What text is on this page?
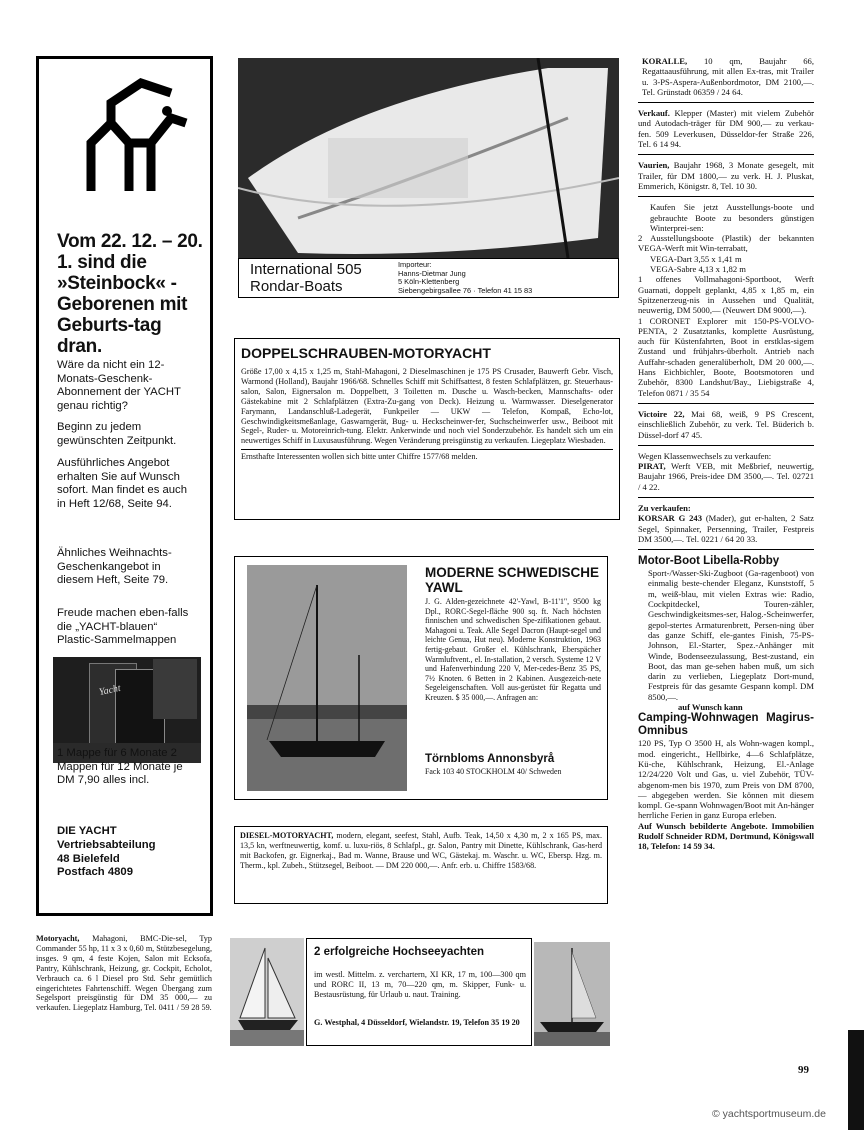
Vom 22. 12. – 20. 1. sind die »Steinbock« - Geborenen mit Geburts-tag dran.
Wäre da nicht ein 12-Monats-Geschenk-Abonnement der YACHT genau richtig?
Beginn zu jedem gewünschten Zeitpunkt.
Ausführliches Angebot erhalten Sie auf Wunsch sofort. Man findet es auch in Heft 12/68, Seite 94.
Ähnliches Weihnachts-Geschenkangebot in diesem Heft, Seite 79.
Freude machen eben-falls die „YACHT-blauen“ Plastic-Sammelmappen
Yacht
1 Mappe für 6 Monate 2 Mappen für 12 Monate je DM 7,90 alles incl.
DIE YACHT
Vertriebsabteilung
48 Bielefeld
Postfach 4809
International 505
Rondar-Boats
Importeur:
Hanns-Dietmar Jung
5 Köln-Klettenberg
Siebengebirgsallee 76 · Telefon 41 15 83
DOPPELSCHRAUBEN-MOTORYACHT
Größe 17,00 x 4,15 x 1,25 m, Stahl-Mahagoni, 2 Dieselmaschinen je 175 PS Crusader, Bauwerft Gebr. Visch, Warmond (Holland), Baujahr 1966/68. Schnelles Schiff mit Schiffsattest, 8 festen Schlafplätzen, gr. Steuerhaus-salon, Salon, Eignersalon m. Doppelbett, 3 Toiletten m. Dusche u. Wasch-becken, Mannschafts- oder Gästekabine mit 2 Schlafplätzen (Extra-Zu-gang von Deck). Heizung u. Warmwasser. Dieselgenerator Farymann, Landanschluß-Ladegerät, Funkpeiler — UKW — Telefon, Kompaß, Echo-lot, Geschwindigkeitsmeßanlage, Gaswarngerät, Bug- u. Heckscheinwer-fer, Suchscheinwerfer usw., Beiboot mit Segel-, Ruder- u. Motoreinrich-tung. Elektr. Ankerwinde und noch viel Sonderzubehör. Es handelt sich um ein neuwertiges Schiff in Luxusausführung. Wegen Veränderung preisgünstig zu verkaufen. Liegeplatz Wiesbaden.
Ernsthafte Interessenten wollen sich bitte unter Chiffre 1577/68 melden.
MODERNE SCHWEDISCHE YAWL
J. G. Alden-gezeichnete 42'-Yawl, B-11'1", 9500 kg Dpl., RORC-Segel-fläche 900 sq. ft. Nach höchsten finnischen und schwedischen Spe-zifikationen gebaut. Mahagoni u. Teak. Alle Segel Dacron (Haupt-segel und leichte Genua, Hut neu). Moderne Konstruktion, 1963 fertig-gebaut. Großer el. Kühlschrank, Eberspächer Warmluftvent., el. In-stallation, 2 versch. Systeme 12 V und Hafenverbindung 220 V, Mer-cedes-Benz 35 PS, 7½ Knoten. 6 Betten in 2 Kabinen. Ausgezeich-nete Segeleigenschaften. Voll aus-gerüstet für Regatta und Kreuzen. $ 35 000,—. Anfragen an:
Törnbloms Annonsbyrå
Fack 103 40 STOCKHOLM 40/ Schweden
DIESEL-MOTORYACHT, modern, elegant, seefest, Stahl, Aufb. Teak, 14,50 x 4,30 m, 2 x 165 PS, max. 13,5 kn, werftneuwertig, komf. u. luxu-riös, 8 Schlafpl., gr. Salon, Pantry mit Dinette, Kühlschrank, Gas-herd mit Backofen, gr. Eignerkaj., Bad m. Wanne, Brause und WC, Gästekaj. m. Waschr. u. WC, Ebersp. Hzg. m. Therm., kpl. Zubeh., Stützsegel, Beiboot. — DM 220 000,—. Anfr. erb. u. Chiffre 1583/68.
Motoryacht, Mahagoni, BMC-Die-sel, Typ Commander 55 hp, 11 x 3 x 0,60 m, Stützbesegelung, insges. 9 qm, 4 feste Kojen, Salon mit Ecksofa, Pantry, Kühlschrank, Heizung, gr. Cockpit, Echolot, Verbrauch ca. 6 l Diesel pro Std. Sehr gemütlich eingerichtetes Fahrtenschiff. Wegen Übergang zum Segelsport preisgünstig für DM 35 000,— zu verkaufen. Liegeplatz Hamburg, Tel. 0411 / 59 28 59.
2 erfolgreiche Hochseeyachten
im westl. Mittelm. z. verchartern, XI KR, 17 m, 100—300 qm und RORC II, 13 m, 70—220 qm, m. Skipper, Funk- u. Bestausrüstung, für Urlaub u. naut. Training.
G. Westphal, 4 Düsseldorf, Wielandstr. 19, Telefon 35 19 20

KORALLE, 10 qm, Baujahr 66, Regattaausführung, mit allen Ex-tras, mit Trailer u. 3-PS-Aspera-Außenbordmotor, DM 2100,—. Tel. Grünstadt 06359 / 24 64.

Verkauf. Klepper (Master) mit vielem Zubehör und Autodach-träger für DM 900,— zu verkau-fen. 509 Leverkusen, Düsseldor-fer Straße 226, Tel. 6 14 94.

Vaurien, Baujahr 1968, 3 Monate gesegelt, mit Trailer, für DM 1800,— zu verk. H. J. Pluskat, Emmerich, Königstr. 8, Tel. 10 30.

Kaufen Sie jetzt Ausstellungs-boote und gebrauchte Boote zu besonders günstigen Winterprei-sen:

2 Ausstellungsboote (Plastik) der bekannten VEGA-Werft mit Win-terrabatt,

VEGA-Dart 3,55 x 1,41 m

VEGA-Sabre 4,13 x 1,82 m

1 offenes Vollmahagoni-Sportboot, Werft Guarnati, doppelt geplankt, 4,85 x 1,85 m, ein Spitzenerzeug-nis in Aussehen und Qualität, neuwertig, DM 5000,— (Neuwert DM 9000,—).

1 CORONET Explorer mit 150-PS-VOLVO-PENTA, 2 Zusatztanks, komplette Ausrüstung, auch für Küstenfahrten, Boot in erstklas-sigem Zustand und frühjahrs-überholt. Antrieb nach Auffahr-schaden generalüberholt, DM 20 000,—. Hans Eichbichler, Boote, Bootsmotoren und Zubehör, 8300 Landshut/Bay., Liebigstraße 4, Telefon 0871 / 35 54

Victoire 22, Mai 68, weiß, 9 PS Crescent, einschließlich Zubehör, zu verk. Tel. Büderich b. Düssel-dorf 47 45.

Wegen Klassenwechsels zu verkaufen:

PIRAT, Werft VEB, mit Meßbrief, neuwertig, Baujahr 1966, Preis-idee DM 3500,—. Tel. 02721 / 4 22.

Zu verkaufen:

KORSAR G 243 (Mader), gut er-halten, 2 Satz Segel, Spinnaker, Persenning, Trailer, Festpreis DM 3500,—. Tel. 0221 / 64 20 33.

Motor-Boot Libella-Robby

Sport-/Wasser-Ski-Zugboot (Ga-ragenboot) von einmalig beste-chender Eleganz, Kunststoff, 5 m, weiß-blau, mit vielen Extras wie: Radio, Cockpitdeckel, Touren-zähler, Geschwindigkeitsmes-ser, Halog.-Scheinwerfer, gepol-stertes Armaturenbrett, Persen-ning über das ganze Schiff, ele-gantes Finish, 75-PS-Johnson, El.-Starter, Spez.-Anhänger mit Winde, Bodenseezulassung, Best-zustand, ein Boot, das man ge-sehen haben muß, um sich darin zu verlieben, Liegeplatz Dort-mund, Festpreis für das gesamte Gespann kompl. DM 8500,—.

auf Wunsch kann

Camping-Wohnwagen Magirus-Omnibus

120 PS, Typ O 3500 H, als Wohn-wagen kompl., mod. eingericht., Hellbirke, 4—6 Schlafplätze, Kü-che, Kühlschrank, Heizung, El.-Anlage 12/24/220 Volt und Gas, u. viel Zubehör, TÜV-abgenom-men bis 1970, zum Preis von DM 8700,— abgegeben werden. Sie können mit diesem kompl. Ge-spann Wohnwagen/Boot mit An-hänger herrliche Ferien in ganz Europa erleben.

Auf Wunsch bebilderte Angebote. Immobilien Rudolf Schneider RDM, Dortmund, Königswall 18, Telefon: 14 59 34.

99
© yachtsportmuseum.de
